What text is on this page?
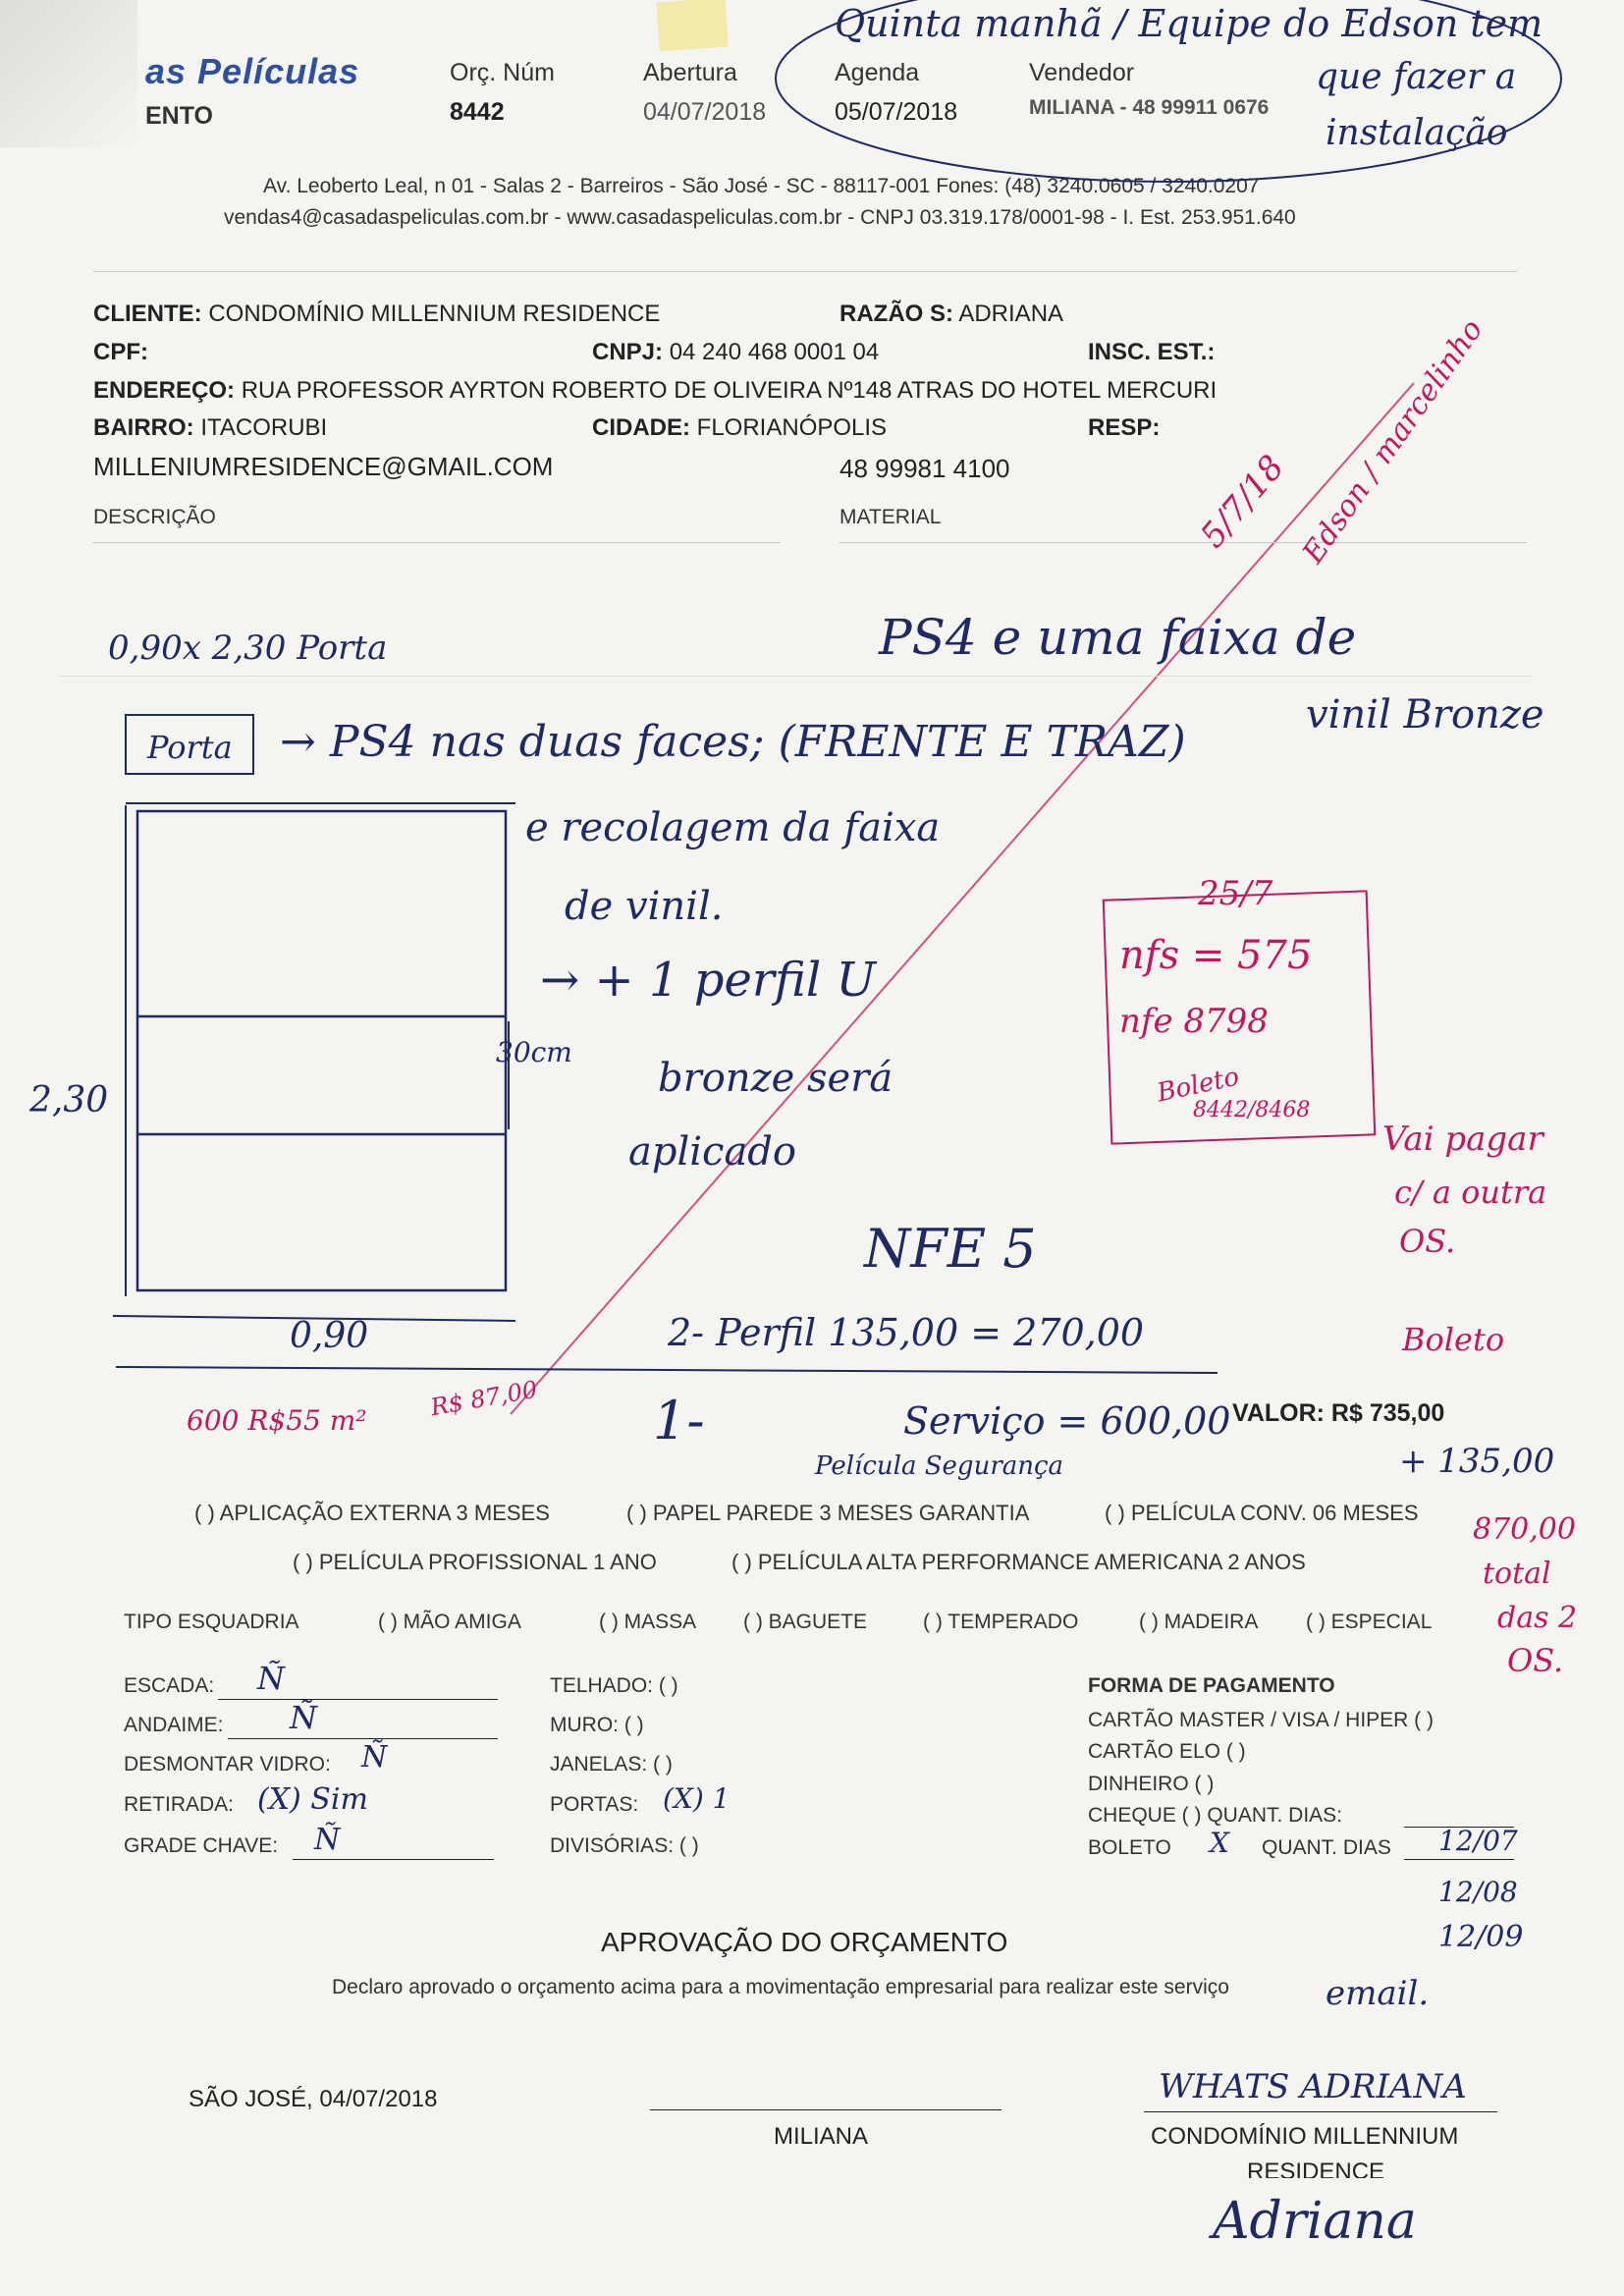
as Películas
ENTO
Orç. Núm
8442
Abertura
04/07/2018
Agenda
05/07/2018
Vendedor
MILIANA - 48 99911 0676
Av. Leoberto Leal, n 01 - Salas 2 - Barreiros - São José - SC - 88117-001 Fones: (48) 3240.0605 / 3240.0207
vendas4@casadaspeliculas.com.br - www.casadaspeliculas.com.br - CNPJ 03.319.178/0001-98 - I. Est. 253.951.640
Quinta manhã / Equipe do Edson tem
que fazer a
instalação
CLIENTE: CONDOMÍNIO MILLENNIUM RESIDENCE	RAZÃO S: ADRIANA
CPF:	CNPJ: 04 240 468 0001 04	INSC. EST.:
ENDEREÇO: RUA PROFESSOR AYRTON ROBERTO DE OLIVEIRA Nº148 ATRAS DO HOTEL MERCURI
BAIRRO: ITACORUBI	CIDADE: FLORIANÓPOLIS	RESP:
MILLENIUMRESIDENCE@GMAIL.COM	48 99981 4100
DESCRIÇÃO	MATERIAL
0,90x 2,30 Porta	PS4 e uma faixa de
vinil Bronze
Porta → PS4 nas duas faces; (FRENTE E TRAZ)
e recolagem da faixa
de vinil.
→ + 1 perfil U
bronze será
aplicado
2,30
30cm
0,90
NFE 5
2- Perfil 135,00 = 270,00
1-	Serviço = 600,00
Película Segurança	+ 135,00
5/7/18 Edson / marcelinho
25/7
nfs = 575
nfe 8798
Boleto
8442/8468
Vai pagar
c/ a outra
OS.
Boleto
600 R$55 m²	R$ 87,00
870,00
total
das 2
OS.
VALOR: R$ 735,00
( ) APLICAÇÃO EXTERNA 3 MESES	( ) PAPEL PAREDE 3 MESES GARANTIA	( ) PELÍCULA CONV. 06 MESES
( ) PELÍCULA PROFISSIONAL 1 ANO	( ) PELÍCULA ALTA PERFORMANCE AMERICANA 2 ANOS
TIPO ESQUADRIA	( ) MÃO AMIGA	( ) MASSA ( ) BAGUETE	( ) TEMPERADO	( ) MADEIRA ( ) ESPECIAL
ESCADA: Ñ
ANDAIME: Ñ
DESMONTAR VIDRO: Ñ
RETIRADA: (X) Sim
GRADE CHAVE: Ñ
TELHADO: ( )
MURO: ( )
JANELAS: ( )
PORTAS: (X) 1
DIVISÓRIAS: ( )
FORMA DE PAGAMENTO
CARTÃO MASTER / VISA / HIPER ( )
CARTÃO ELO ( )
DINHEIRO ( )
CHEQUE ( ) QUANT. DIAS:
BOLETO X QUANT. DIAS 12/07
12/08
12/09
APROVAÇÃO DO ORÇAMENTO
Declaro aprovado o orçamento acima para a movimentação empresarial para realizar este serviço	email.
SÃO JOSÉ, 04/07/2018
MILIANA
WHATS ADRIANA
CONDOMÍNIO MILLENNIUM
RESIDENCE
Adriana
